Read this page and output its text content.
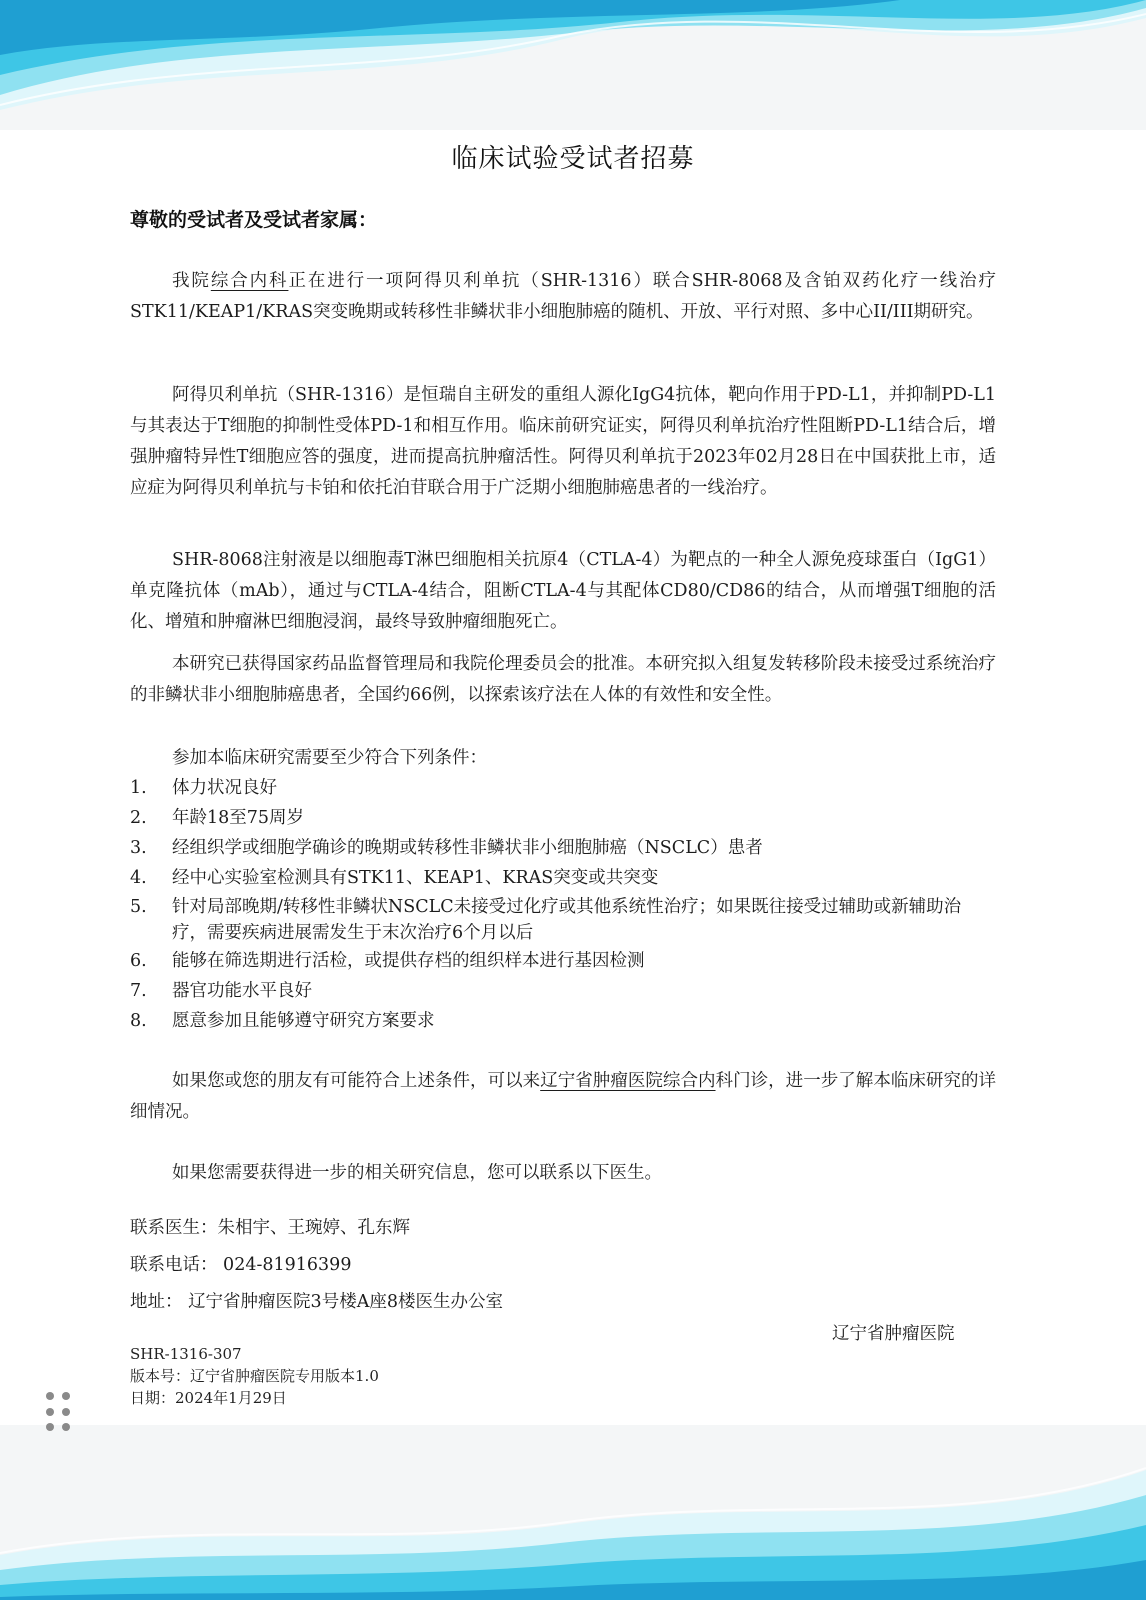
临床试验受试者招募
尊敬的受试者及受试者家属：

我院综合内科正在进行一项阿得贝利单抗（SHR-1316）联合SHR-8068及含铂双药化疗一线治疗STK11/KEAP1/KRAS突变晚期或转移性非鳞状非小细胞肺癌的随机、开放、平行对照、多中心II/III期研究。

阿得贝利单抗（SHR-1316）是恒瑞自主研发的重组人源化IgG4抗体，靶向作用于PD-L1，并抑制PD-L1与其表达于T细胞的抑制性受体PD-1和相互作用。临床前研究证实，阿得贝利单抗治疗性阻断PD-L1结合后，增强肿瘤特异性T细胞应答的强度，进而提高抗肿瘤活性。阿得贝利单抗于2023年02月28日在中国获批上市，适应症为阿得贝利单抗与卡铂和依托泊苷联合用于广泛期小细胞肺癌患者的一线治疗。

SHR-8068注射液是以细胞毒T淋巴细胞相关抗原4（CTLA-4）为靶点的一种全人源免疫球蛋白（IgG1）单克隆抗体（mAb），通过与CTLA-4结合，阻断CTLA-4与其配体CD80/CD86的结合，从而增强T细胞的活化、增殖和肿瘤淋巴细胞浸润，最终导致肿瘤细胞死亡。

本研究已获得国家药品监督管理局和我院伦理委员会的批准。本研究拟入组复发转移阶段未接受过系统治疗的非鳞状非小细胞肺癌患者，全国约66例，以探索该疗法在人体的有效性和安全性。

参加本临床研究需要至少符合下列条件：
1. 体力状况良好
2. 年龄18至75周岁
3. 经组织学或细胞学确诊的晚期或转移性非鳞状非小细胞肺癌（NSCLC）患者
4. 经中心实验室检测具有STK11、KEAP1、KRAS突变或共突变
5. 针对局部晚期/转移性非鳞状NSCLC未接受过化疗或其他系统性治疗；如果既往接受过辅助或新辅助治疗，需要疾病进展需发生于末次治疗6个月以后
6. 能够在筛选期进行活检，或提供存档的组织样本进行基因检测
7. 器官功能水平良好
8. 愿意参加且能够遵守研究方案要求

如果您或您的朋友有可能符合上述条件，可以来辽宁省肿瘤医院综合内科门诊，进一步了解本临床研究的详细情况。

如果您需要获得进一步的相关研究信息，您可以联系以下医生。

联系医生：朱相宇、王琬婷、孔东辉
联系电话： 024-81916399
地址： 辽宁省肿瘤医院3号楼A座8楼医生办公室
辽宁省肿瘤医院
SHR-1316-307
版本号：辽宁省肿瘤医院专用版本1.0
日期：2024年1月29日
